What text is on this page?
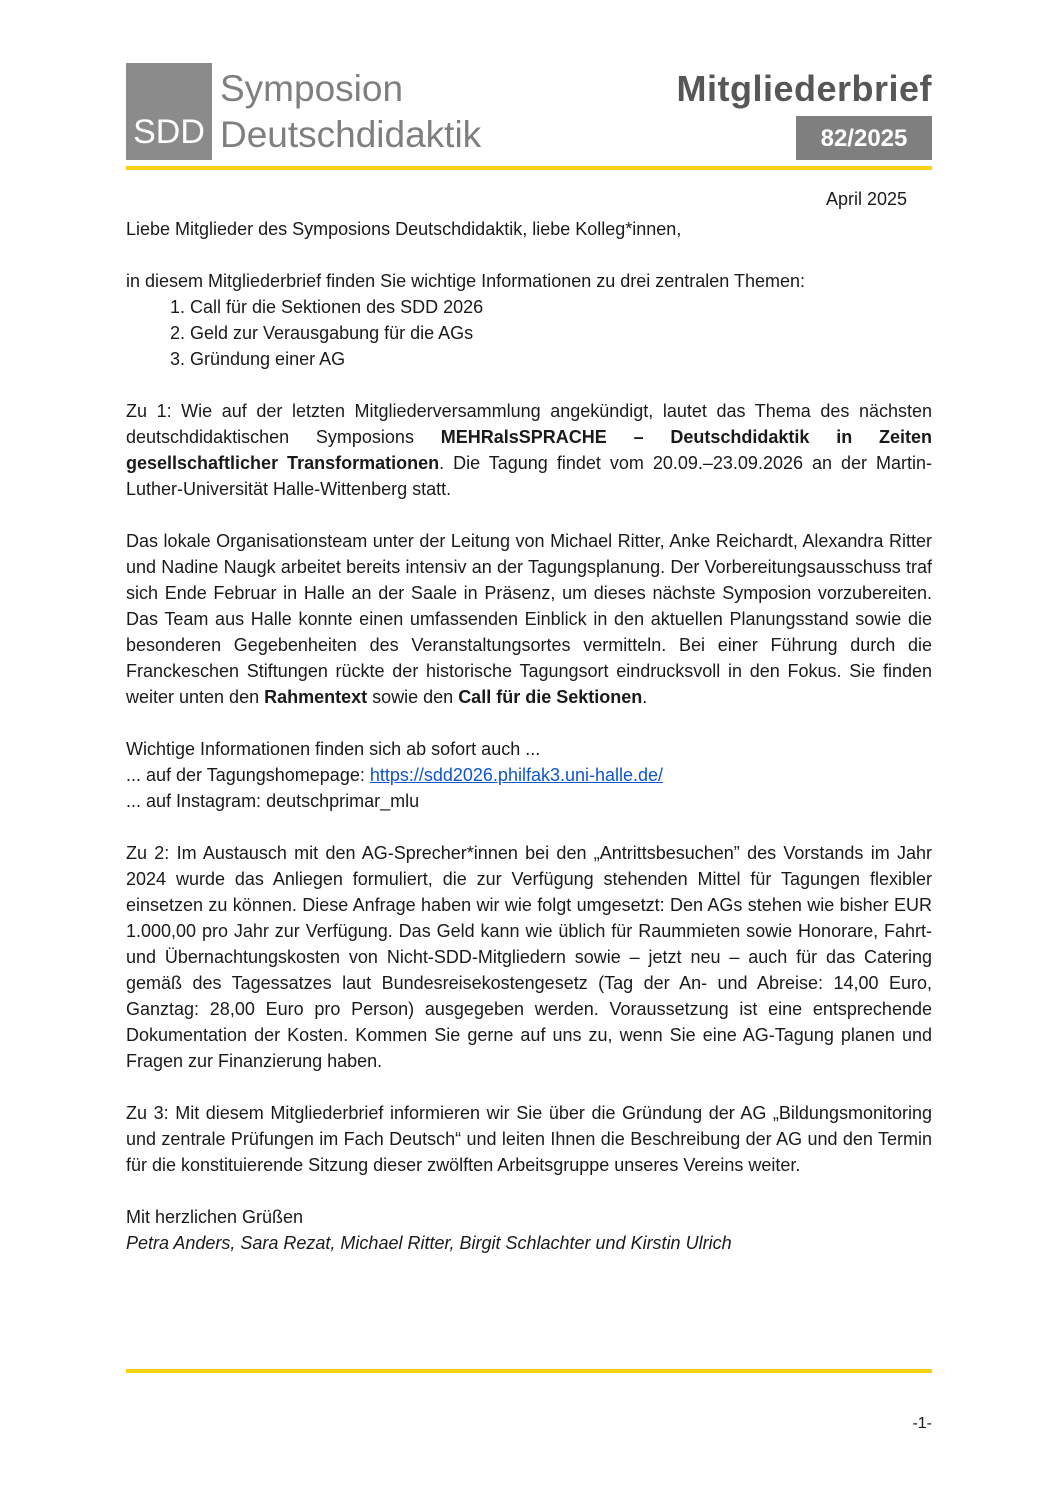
SDD
Symposion
Deutschdidaktik
Mitgliederbrief
82/2025
April 2025

Liebe Mitglieder des Symposions Deutschdidaktik, liebe Kolleg*innen,

in diesem Mitgliederbrief finden Sie wichtige Informationen zu drei zentralen Themen:

1. Call für die Sektionen des SDD 2026
2. Geld zur Verausgabung für die AGs
3. Gründung einer AG

Zu 1: Wie auf der letzten Mitgliederversammlung angekündigt, lautet das Thema des nächsten deutschdidaktischen Symposions MEHRalsSPRACHE – Deutschdidaktik in Zeiten gesellschaftlicher Transformationen. Die Tagung findet vom 20.09.–23.09.2026 an der Martin-Luther-Universität Halle-Wittenberg statt.

Das lokale Organisationsteam unter der Leitung von Michael Ritter, Anke Reichardt, Alexandra Ritter und Nadine Naugk arbeitet bereits intensiv an der Tagungsplanung. Der Vorbereitungsausschuss traf sich Ende Februar in Halle an der Saale in Präsenz, um dieses nächste Symposion vorzubereiten. Das Team aus Halle konnte einen umfassenden Einblick in den aktuellen Planungsstand sowie die besonderen Gegebenheiten des Veranstaltungsortes vermitteln. Bei einer Führung durch die Franckeschen Stiftungen rückte der historische Tagungsort eindrucksvoll in den Fokus. Sie finden weiter unten den Rahmentext sowie den Call für die Sektionen.

Wichtige Informationen finden sich ab sofort auch ...

... auf der Tagungshomepage: https://sdd2026.philfak3.uni-halle.de/

... auf Instagram: deutschprimar_mlu

Zu 2: Im Austausch mit den AG-Sprecher*innen bei den „Antrittsbesuchen” des Vorstands im Jahr 2024 wurde das Anliegen formuliert, die zur Verfügung stehenden Mittel für Tagungen flexibler einsetzen zu können. Diese Anfrage haben wir wie folgt umgesetzt: Den AGs stehen wie bisher EUR 1.000,00 pro Jahr zur Verfügung. Das Geld kann wie üblich für Raummieten sowie Honorare, Fahrt- und Übernachtungskosten von Nicht-SDD-Mitgliedern sowie – jetzt neu – auch für das Catering gemäß des Tagessatzes laut Bundesreisekostengesetz (Tag der An- und Abreise: 14,00 Euro, Ganztag: 28,00 Euro pro Person) ausgegeben werden. Voraussetzung ist eine entsprechende Dokumentation der Kosten. Kommen Sie gerne auf uns zu, wenn Sie eine AG-Tagung planen und Fragen zur Finanzierung haben.

Zu 3: Mit diesem Mitgliederbrief informieren wir Sie über die Gründung der AG „Bildungsmonitoring und zentrale Prüfungen im Fach Deutsch“ und leiten Ihnen die Beschreibung der AG und den Termin für die konstituierende Sitzung dieser zwölften Arbeitsgruppe unseres Vereins weiter.

Mit herzlichen Grüßen

Petra Anders, Sara Rezat, Michael Ritter, Birgit Schlachter und Kirstin Ulrich

-1-
